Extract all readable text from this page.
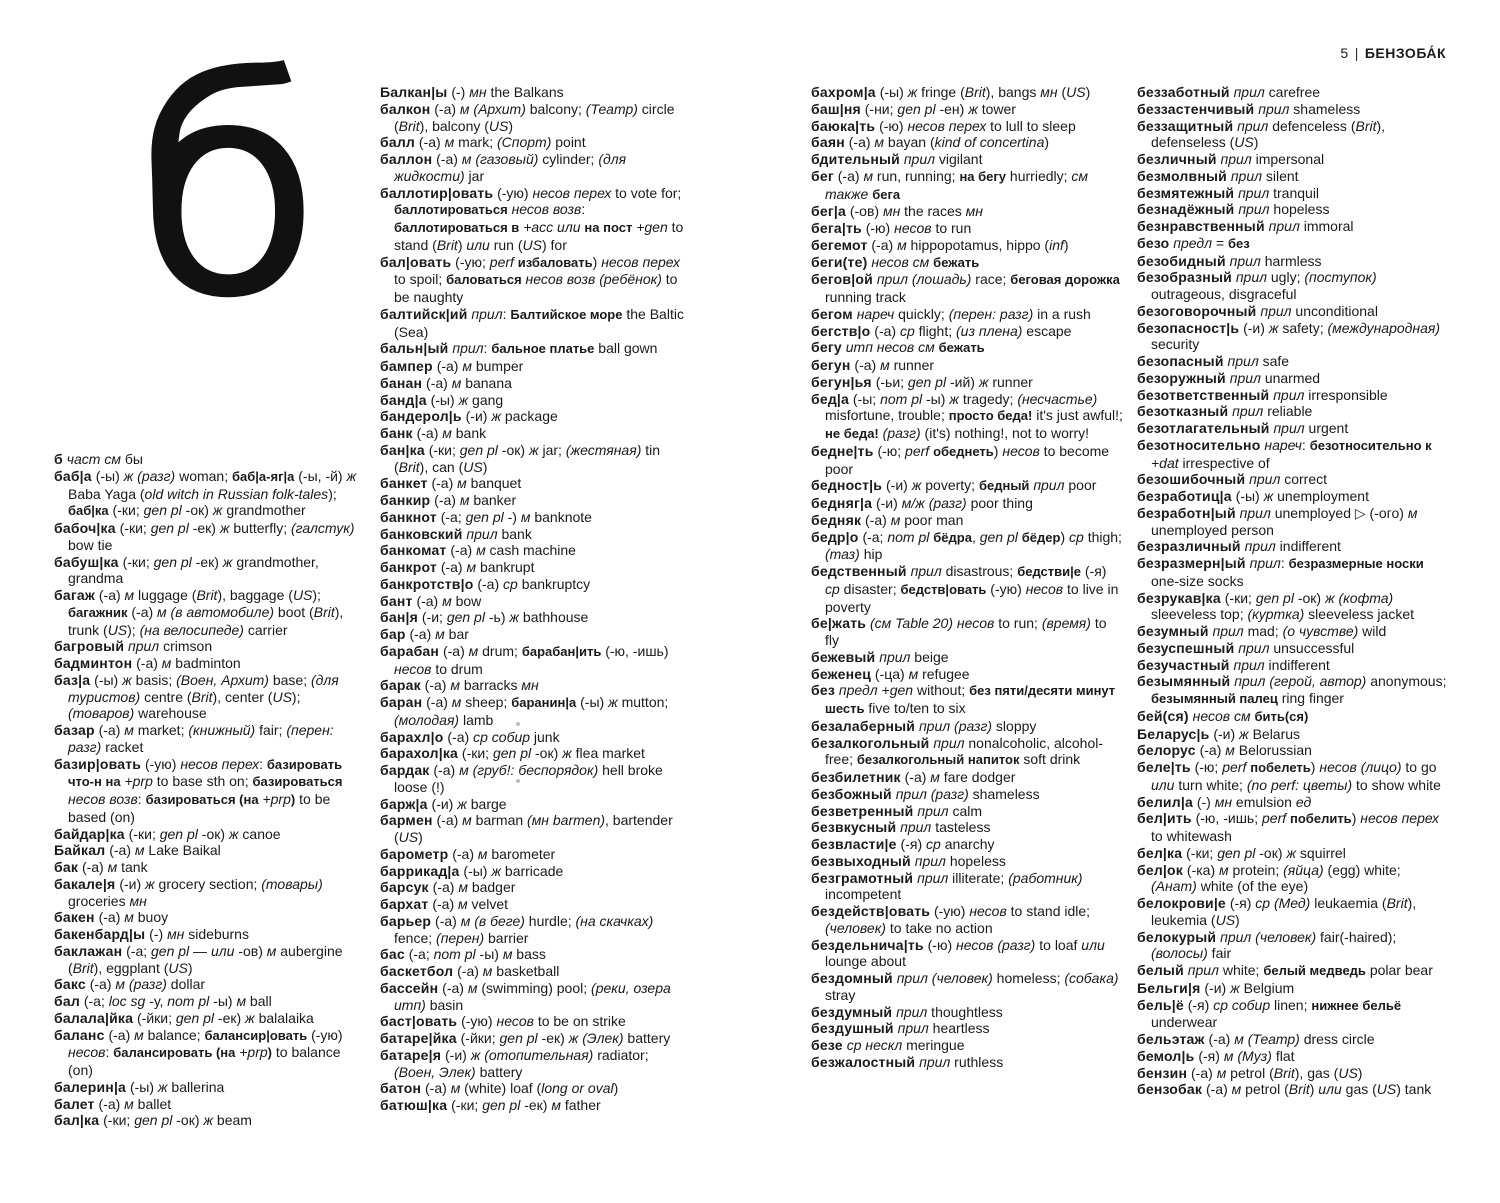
5 | БЕНЗОБА́К
б
б част см бы
баб|а (-ы) ж (разг) woman; баб|а-яг|а (-ы, -й) ж Baba Yaga (old witch in Russian folk-tales); баб|ка (-ки; gen pl -ок) ж grandmother
бабоч|ка (-ки; gen pl -ек) ж butterfly; (галстук) bow tie
бабуш|ка (-ки; gen pl -ек) ж grandmother, grandma
багаж (-а) м luggage (Brit), baggage (US); багажник (-а) м (в автомобиле) boot (Brit), trunk (US); (на велосипеде) carrier
багровый прил crimson
бадминтон (-а) м badminton
баз|а (-ы) ж basis; (Воен, Архит) base; (для туристов) centre (Brit), center (US); (товаров) warehouse
базар (-а) м market; (книжный) fair; (перен: разг) racket
базир|овать (-ую) несов перех: базировать что-н на +prp to base sth on; базироваться несов возв: базироваться (на +prp) to be based (on)
байдар|ка (-ки; gen pl -ок) ж canoe
Байкал (-а) м Lake Baikal
бак (-а) м tank
бакале|я (-и) ж grocery section; (товары) groceries мн
бакен (-а) м buoy
бакенбард|ы (-) мн sideburns
баклажан (-а; gen pl — или -ов) м aubergine (Brit), eggplant (US)
бакс (-а) м (разг) dollar
бал (-а; loc sg -у, nom pl -ы) м ball
балала|йка (-йки; gen pl -ек) ж balalaika
баланс (-а) м balance; балансир|овать (-ую) несов: балансировать (на +prp) to balance (on)
балерин|а (-ы) ж ballerina
балет (-а) м ballet
бал|ка (-ки; gen pl -ок) ж beam
Балкан|ы (-) мн the Balkans
балкон (-а) м (Архит) balcony; (Театр) circle (Brit), balcony (US)
балл (-а) м mark; (Спорт) point
баллон (-а) м (газовый) cylinder; (для жидкости) jar
баллотир|овать (-ую) несов перех to vote for; баллотироваться несов возв: баллотироваться в +acc или на пост +gen to stand (Brit) или run (US) for
бал|овать (-ую; perf избаловать) несов перех to spoil; баловаться несов возв (ребёнок) to be naughty
балтийск|ий прил: Балтийское море the Baltic (Sea)
бальн|ый прил: бальное платье ball gown
бампер (-а) м bumper
банан (-а) м banana
банд|а (-ы) ж gang
бандерол|ь (-и) ж package
банк (-а) м bank
бан|ка (-ки; gen pl -ок) ж jar; (жестяная) tin (Brit), can (US)
банкет (-а) м banquet
банкир (-а) м banker
банкнот (-а; gen pl -) м banknote
банковский прил bank
банкомат (-а) м cash machine
банкрот (-а) м bankrupt
банкротств|о (-а) ср bankruptcy
бант (-а) м bow
бан|я (-и; gen pl -ь) ж bathhouse
бар (-а) м bar
барабан (-а) м drum; барабан|ить (-ю, -ишь) несов to drum
барак (-а) м barracks мн
баран (-а) м sheep; баранин|а (-ы) ж mutton; (молодая) lamb
барахл|о (-а) ср собир junk
барахол|ка (-ки; gen pl -ок) ж flea market
бардак (-а) м (груб!: беспорядок) hell broke loose (!)
барж|а (-и) ж barge
бармен (-а) м barman (мн barmen), bartender (US)
барометр (-а) м barometer
баррикад|а (-ы) ж barricade
барсук (-а) м badger
бархат (-а) м velvet
барьер (-а) м (в беге) hurdle; (на скачках) fence; (перен) barrier
бас (-а; nom pl -ы) м bass
баскетбол (-а) м basketball
бассейн (-а) м (swimming) pool; (реки, озера итп) basin
баст|овать (-ую) несов to be on strike
батаре|йка (-йки; gen pl -ек) ж (Элек) battery
батаре|я (-и) ж (отопительная) radiator; (Воен, Элек) battery
батон (-а) м (white) loaf (long or oval)
батюш|ка (-ки; gen pl -ек) м father
бахром|а (-ы) ж fringe (Brit), bangs мн (US)
баш|ня (-ни; gen pl -ен) ж tower
баюка|ть (-ю) несов перех to lull to sleep
баян (-а) м bayan (kind of concertina)
бдительный прил vigilant
бег (-а) м run, running; на бегу hurriedly; см также бега
бег|а (-ов) мн the races мн
бега|ть (-ю) несов to run
бегемот (-а) м hippopotamus, hippo (inf)
беги(те) несов см бежать
бегов|ой прил (лошадь) race; беговая дорожка running track
бегом нареч quickly; (перен: разг) in a rush
бегств|о (-а) ср flight; (из плена) escape
бегу итп несов см бежать
бегун (-а) м runner
бегун|ья (-ьи; gen pl -ий) ж runner
бед|а (-ы; nom pl -ы) ж tragedy; (несчастье) misfortune, trouble; просто беда! it's just awful!; не беда! (разг) (it's) nothing!, not to worry!
бедне|ть (-ю; perf обеднеть) несов to become poor
бедност|ь (-и) ж poverty; бедный прил poor
бедняг|а (-и) м/ж (разг) poor thing
бедняк (-а) м poor man
бедр|о (-а; nom pl бёдра, gen pl бёдер) ср thigh; (таз) hip
бедственный прил disastrous; бедстви|е (-я) ср disaster; бедств|овать (-ую) несов to live in poverty
бе|жать (см Table 20) несов to run; (время) to fly
бежевый прил beige
беженец (-ца) м refugee
без предл +gen without; без пяти/десяти минут шесть five to/ten to six
безалаберный прил (разг) sloppy
безалкогольный прил nonalcoholic, alcohol-free; безалкогольный напиток soft drink
безбилетник (-а) м fare dodger
безбожный прил (разг) shameless
безветренный прил calm
безвкусный прил tasteless
безвласти|е (-я) ср anarchy
безвыходный прил hopeless
безграмотный прил illiterate; (работник) incompetent
бездейств|овать (-ую) несов to stand idle; (человек) to take no action
бездельнича|ть (-ю) несов (разг) to loaf или lounge about
бездомный прил (человек) homeless; (собака) stray
бездумный прил thoughtless
бездушный прил heartless
безе ср нескл meringue
безжалостный прил ruthless
беззаботный прил carefree
беззастенчивый прил shameless
беззащитный прил defenceless (Brit), defenseless (US)
безличный прил impersonal
безмолвный прил silent
безмятежный прил tranquil
безнадёжный прил hopeless
безнравственный прил immoral
безо предл = без
безобидный прил harmless
безобразный прил ugly; (поступок) outrageous, disgraceful
безоговорочный прил unconditional
безопасност|ь (-и) ж safety; (международная) security
безопасный прил safe
безоружный прил unarmed
безответственный прил irresponsible
безотказный прил reliable
безотлагательный прил urgent
безотносительно нареч: безотносительно к +dat irrespective of
безошибочный прил correct
безработиц|а (-ы) ж unemployment
безработн|ый прил unemployed ▷ (-ого) м unemployed person
безразличный прил indifferent
безразмерн|ый прил: безразмерные носки one-size socks
безрукав|ка (-ки; gen pl -ок) ж (кофта) sleeveless top; (куртка) sleeveless jacket
безумный прил mad; (о чувстве) wild
безуспешный прил unsuccessful
безучастный прил indifferent
безымянный прил (герой, автор) anonymous; безымянный палец ring finger
бей(ся) несов см бить(ся)
Беларус|ь (-и) ж Belarus
белорус (-а) м Belorussian
беле|ть (-ю; perf побелеть) несов (лицо) to go или turn white; (no perf: цветы) to show white
белил|а (-) мн emulsion ед
бел|ить (-ю, -ишь; perf побелить) несов перех to whitewash
бел|ка (-ки; gen pl -ок) ж squirrel
бел|ок (-ка) м protein; (яйца) (egg) white; (Анат) white (of the eye)
белокрови|е (-я) ср (Мед) leukaemia (Brit), leukemia (US)
белокурый прил (человек) fair(-haired); (волосы) fair
белый прил white; белый медведь polar bear
Бельги|я (-и) ж Belgium
бель|ё (-я) ср собир linen; нижнее бельё underwear
бельэтаж (-а) м (Театр) dress circle
бемол|ь (-я) м (Муз) flat
бензин (-а) м petrol (Brit), gas (US)
бензобак (-а) м petrol (Brit) или gas (US) tank
